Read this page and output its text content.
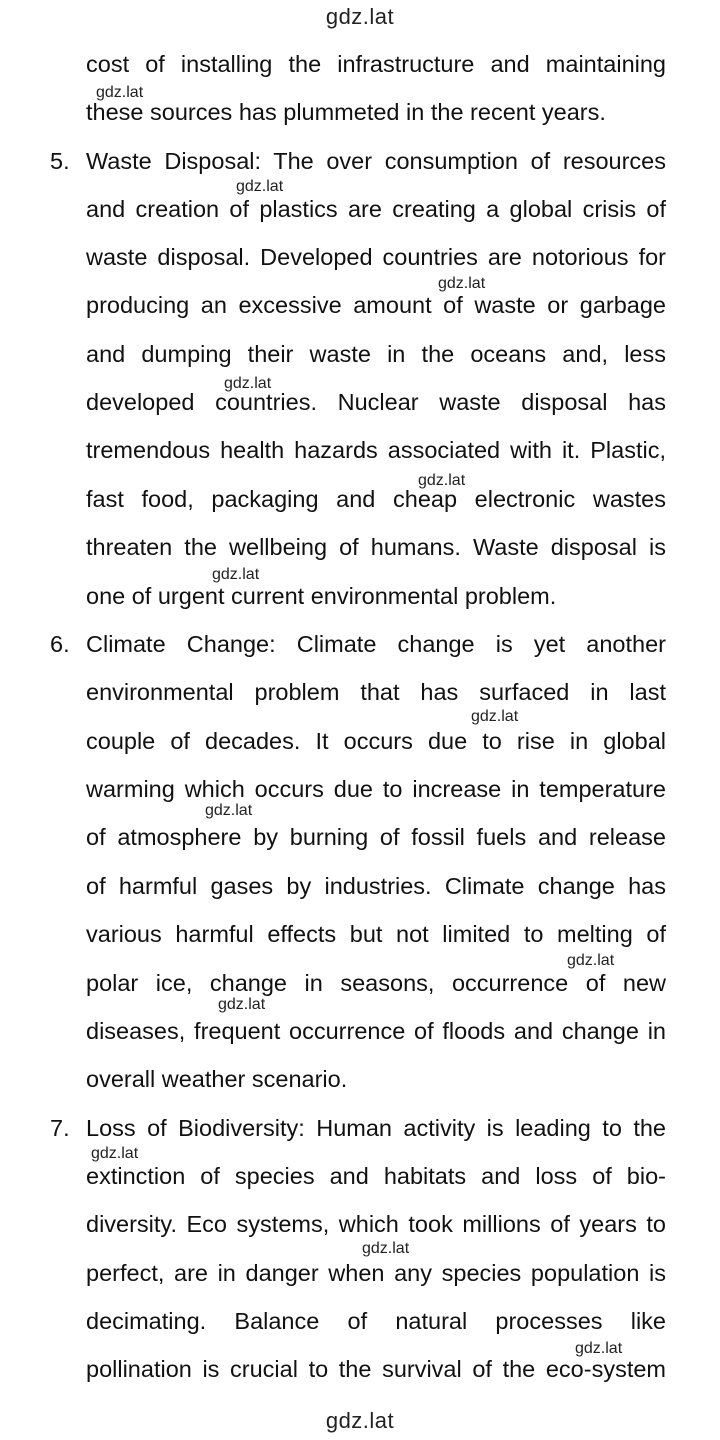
gdz.lat
cost of installing the infrastructure and maintaining
these sources has plummeted in the recent years.
5. Waste Disposal: The over consumption of resources
and creation of plastics are creating a global crisis of
waste disposal. Developed countries are notorious for
producing an excessive amount of waste or garbage
and dumping their waste in the oceans and, less
developed countries. Nuclear waste disposal has
tremendous health hazards associated with it. Plastic,
fast food, packaging and cheap electronic wastes
threaten the wellbeing of humans. Waste disposal is
one of urgent current environmental problem.
6. Climate Change: Climate change is yet another
environmental problem that has surfaced in last
couple of decades. It occurs due to rise in global
warming which occurs due to increase in temperature
of atmosphere by burning of fossil fuels and release
of harmful gases by industries. Climate change has
various harmful effects but not limited to melting of
polar ice, change in seasons, occurrence of new
diseases, frequent occurrence of floods and change in
overall weather scenario.
7. Loss of Biodiversity: Human activity is leading to the
extinction of species and habitats and loss of bio-
diversity. Eco systems, which took millions of years to
perfect, are in danger when any species population is
decimating. Balance of natural processes like
pollination is crucial to the survival of the eco-system
gdz.lat
gdz.lat
gdz.lat
gdz.lat
gdz.lat
gdz.lat
gdz.lat
gdz.lat
gdz.lat
gdz.lat
gdz.lat
gdz.lat
gdz.lat
gdz.lat
